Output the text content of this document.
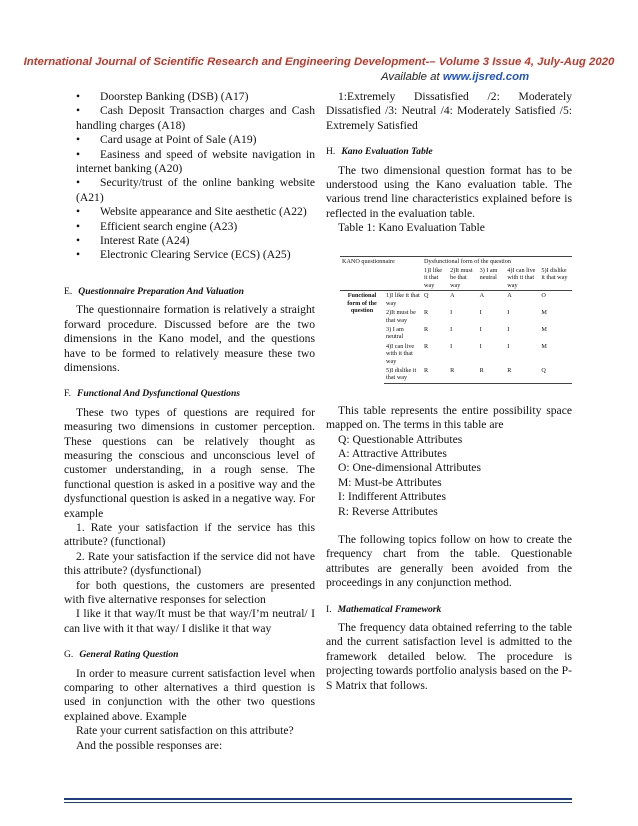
International Journal of Scientific Research and Engineering Development-– Volume 3 Issue 4, July-Aug 2020
Available at www.ijsred.com
• Doorstep Banking (DSB) (A17)
• Cash Deposit Transaction charges and Cash handling charges (A18)
• Card usage at Point of Sale (A19)
• Easiness and speed of website navigation in internet banking (A20)
• Security/trust of the online banking website (A21)
• Website appearance and Site aesthetic (A22)
• Efficient search engine (A23)
• Interest Rate (A24)
• Electronic Clearing Service (ECS) (A25)
E. Questionnaire Preparation And Valuation

The questionnaire formation is relatively a straight forward procedure. Discussed before are the two dimensions in the Kano model, and the questions have to be formed to relatively measure these two dimensions.

F. Functional And Dysfunctional Questions

These two types of questions are required for measuring two dimensions in customer perception. These questions can be relatively thought as measuring the conscious and unconscious level of customer understanding, in a rough sense. The functional question is asked in a positive way and the dysfunctional question is asked in a negative way. For example

1. Rate your satisfaction if the service has this attribute? (functional)

2. Rate your satisfaction if the service did not have this attribute? (dysfunctional)

for both questions, the customers are presented with five alternative responses for selection

I like it that way/It must be that way/I’m neutral/ I can live with it that way/ I dislike it that way

G. General Rating Question

In order to measure current satisfaction level when comparing to other alternatives a third question is used in conjunction with the other two questions explained above. Example

Rate your current satisfaction on this attribute?

And the possible responses are:

1:Extremely Dissatisfied /2: Moderately Dissatisfied /3: Neutral /4: Moderately Satisfied /5: Extremely Satisfied

H. Kano Evaluation Table

The two dimensional question format has to be understood using the Kano evaluation table. The various trend line characteristics explained before is reflected in the evaluation table.

Table 1: Kano Evaluation Table

KANO questionnaire		Dysfunctional form of the question				
		1)I like it that way	2)It must be that way	3) I am neutral	4)I can live with it that way	5)I dislike it that way
Functional form of the question	1)I like it that way	Q	A	A	A	O
	2)It must be that way	R	I	I	I	M
	3) I am neutral	R	I	I	I	M
	4)I can live with it that way	R	I	I	I	M
	5)I dislike it that way	R	R	R	R	Q

This table represents the entire possibility space mapped on. The terms in this table are

Q: Questionable Attributes
A: Attractive Attributes
O: One-dimensional Attributes
M: Must-be Attributes
I: Indifferent Attributes
R: Reverse Attributes

The following topics follow on how to create the frequency chart from the table. Questionable attributes are generally been avoided from the proceedings in any conjunction method.

I. Mathematical Framework

The frequency data obtained referring to the table and the current satisfaction level is admitted to the framework detailed below. The procedure is projecting towards portfolio analysis based on the P-S Matrix that follows.
